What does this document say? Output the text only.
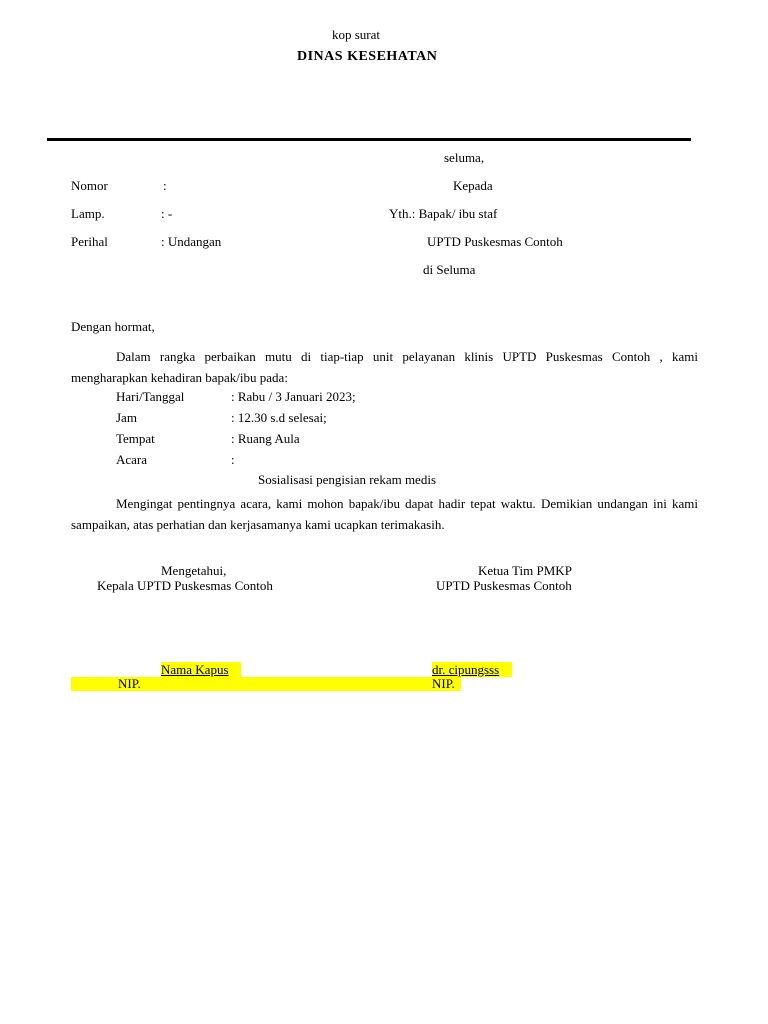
kop surat
DINAS KESEHATAN
seluma,
Nomor	:
Lamp.	: -
Perihal	: Undangan
Kepada
Yth.: Bapak/ ibu staf
UPTD Puskesmas Contoh
di Seluma
Dengan hormat,
Dalam rangka perbaikan mutu di tiap-tiap unit pelayanan klinis UPTD Puskesmas Contoh , kami mengharapkan kehadiran bapak/ibu pada:
Hari/Tanggal	: Rabu / 3 Januari 2023;
Jam	: 12.30 s.d selesai;
Tempat	: Ruang Aula
Acara	:
Sosialisasi pengisian rekam medis
Mengingat pentingnya acara, kami mohon bapak/ibu dapat hadir tepat waktu. Demikian undangan ini kami sampaikan, atas perhatian dan kerjasamanya kami ucapkan terimakasih.
Mengetahui,
Kepala UPTD Puskesmas Contoh
Ketua Tim PMKP
UPTD Puskesmas Contoh
Nama Kapus	dr. cipungsss
NIP.	NIP.
